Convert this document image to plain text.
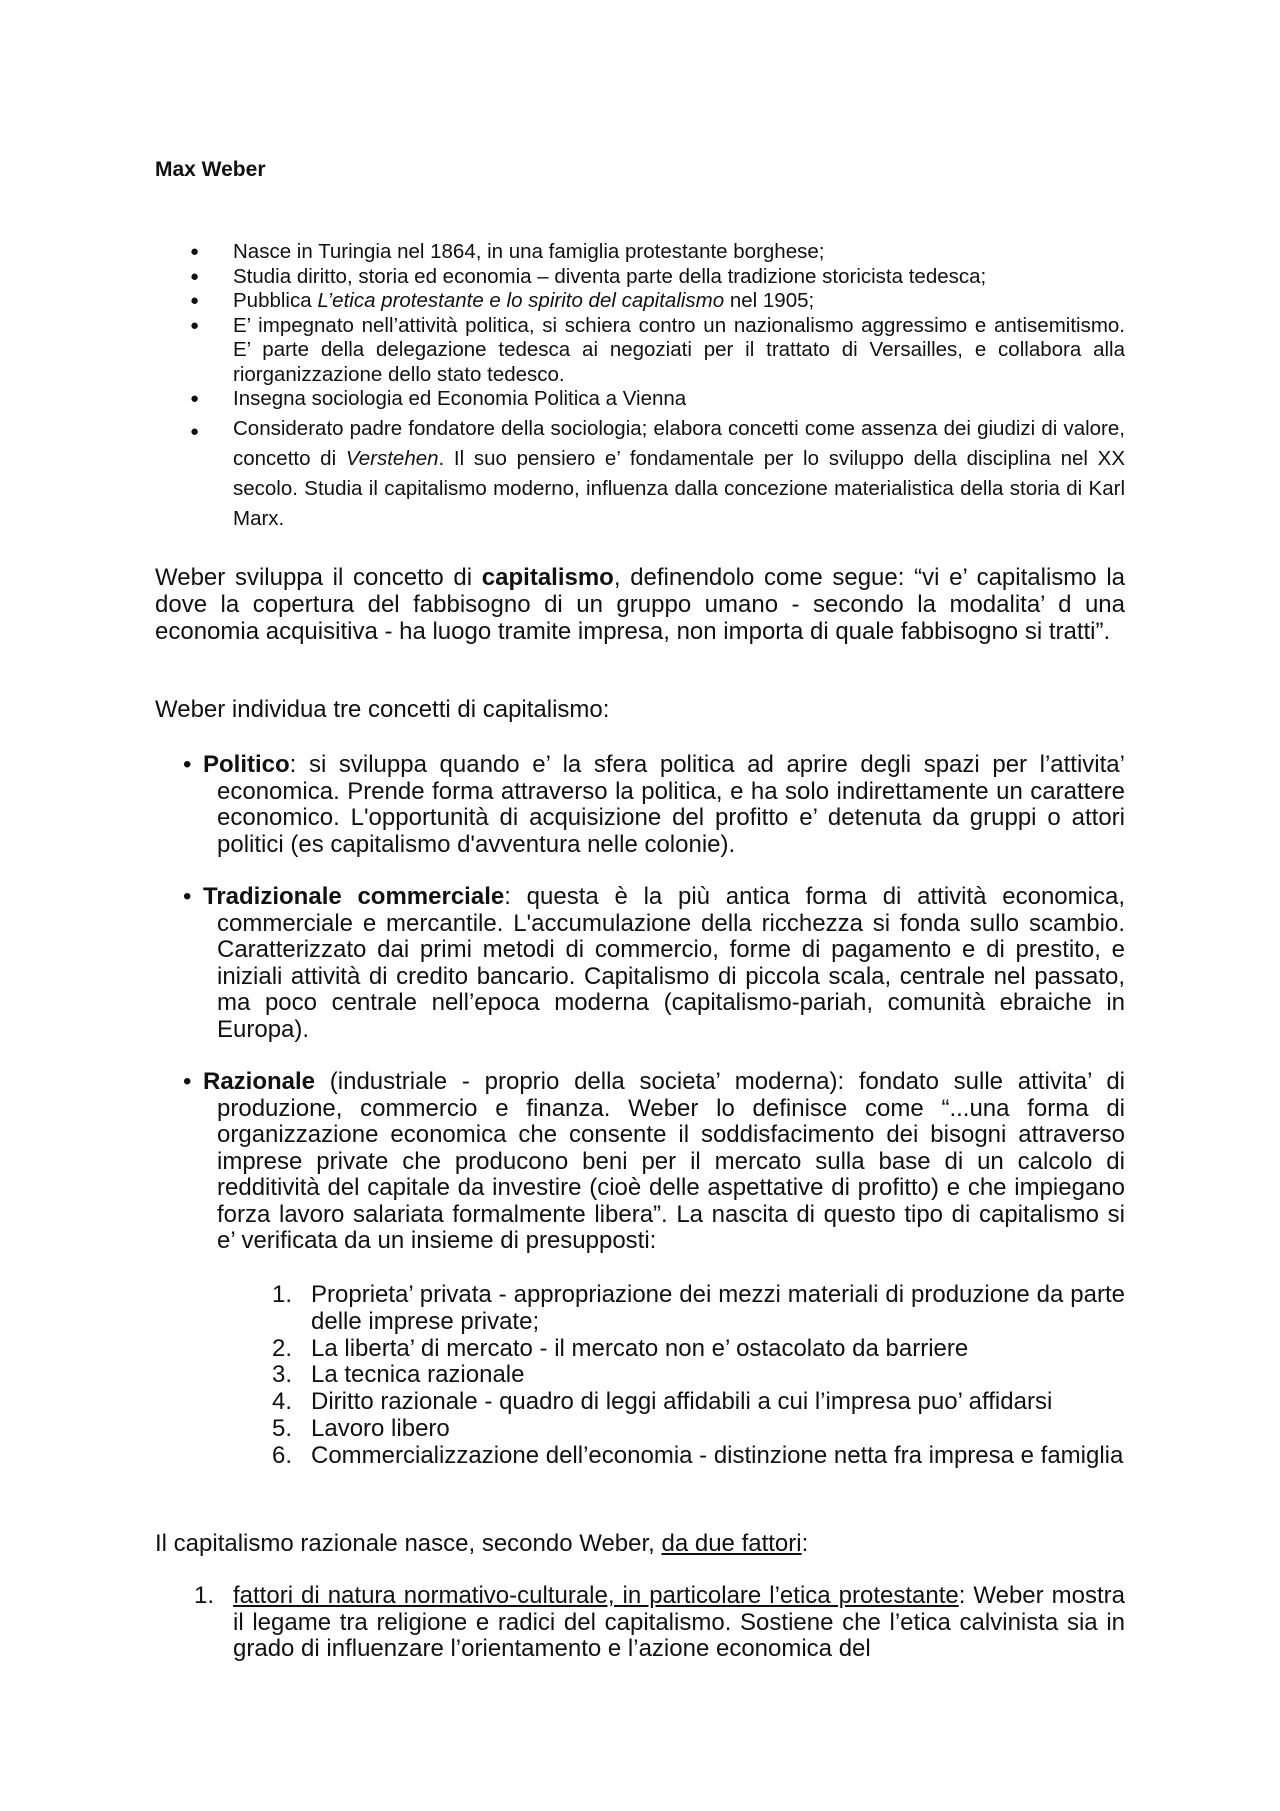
Max Weber
● Nasce in Turingia nel 1864, in una famiglia protestante borghese;
● Studia diritto, storia ed economia – diventa parte della tradizione storicista tedesca;
● Pubblica L’etica protestante e lo spirito del capitalismo nel 1905;
● E’ impegnato nell’attività politica, si schiera contro un nazionalismo aggressimo e antisemitismo. E’ parte della delegazione tedesca ai negoziati per il trattato di Versailles, e collabora alla riorganizzazione dello stato tedesco.
● Insegna sociologia ed Economia Politica a Vienna
● Considerato padre fondatore della sociologia; elabora concetti come assenza dei giudizi di valore, concetto di Verstehen. Il suo pensiero e’ fondamentale per lo sviluppo della disciplina nel XX secolo. Studia il capitalismo moderno, influenza dalla concezione materialistica della storia di Karl Marx.

Weber sviluppa il concetto di capitalismo, definendolo come segue: “vi e’ capitalismo la dove la copertura del fabbisogno di un gruppo umano - secondo la modalita’ d una economia acquisitiva - ha luogo tramite impresa, non importa di quale fabbisogno si tratti”.

Weber individua tre concetti di capitalismo:

• Politico: si sviluppa quando e’ la sfera politica ad aprire degli spazi per l’attivita’ economica. Prende forma attraverso la politica, e ha solo indirettamente un carattere economico. L'opportunità di acquisizione del profitto e’ detenuta da gruppi o attori politici (es capitalismo d'avventura nelle colonie).
• Tradizionale commerciale: questa è la più antica forma di attività economica, commerciale e mercantile. L'accumulazione della ricchezza si fonda sullo scambio. Caratterizzato dai primi metodi di commercio, forme di pagamento e di prestito, e iniziali attività di credito bancario. Capitalismo di piccola scala, centrale nel passato, ma poco centrale nell’epoca moderna (capitalismo-pariah, comunità ebraiche in Europa).
• Razionale (industriale - proprio della societa’ moderna): fondato sulle attivita’ di produzione, commercio e finanza. Weber lo definisce come “...una forma di organizzazione economica che consente il soddisfacimento dei bisogni attraverso imprese private che producono beni per il mercato sulla base di un calcolo di redditività del capitale da investire (cioè delle aspettative di profitto) e che impiegano forza lavoro salariata formalmente libera”. La nascita di questo tipo di capitalismo si e’ verificata da un insieme di presupposti:
1. Proprieta’ privata - appropriazione dei mezzi materiali di produzione da parte delle imprese private;
2. La liberta’ di mercato - il mercato non e’ ostacolato da barriere
3. La tecnica razionale
4. Diritto razionale - quadro di leggi affidabili a cui l’impresa puo’ affidarsi
5. Lavoro libero
6. Commercializzazione dell’economia - distinzione netta fra impresa e famiglia

Il capitalismo razionale nasce, secondo Weber, da due fattori:

1. fattori di natura normativo-culturale, in particolare l’etica protestante: Weber mostra il legame tra religione e radici del capitalismo. Sostiene che l’etica calvinista sia in grado di influenzare l’orientamento e l’azione economica del
